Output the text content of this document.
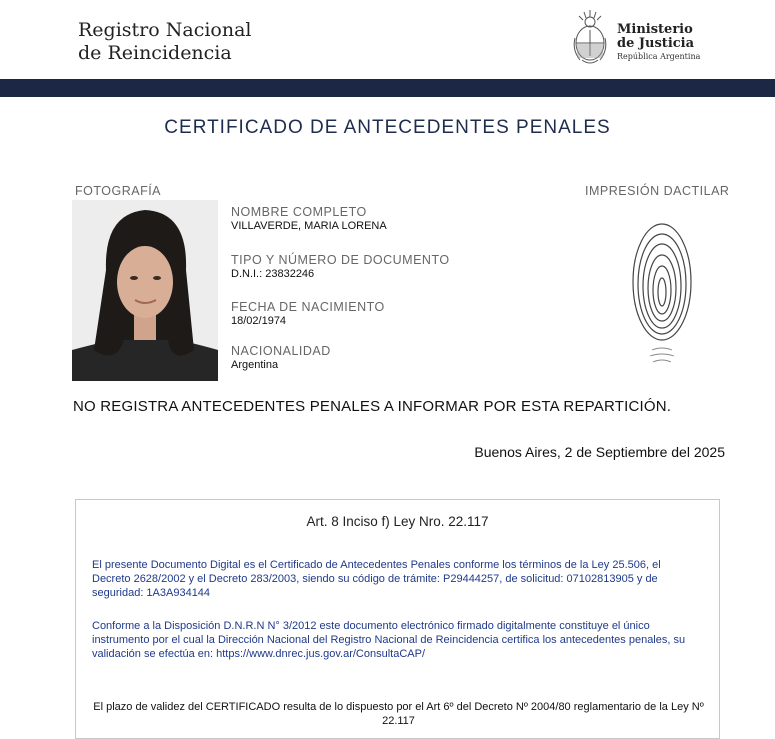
Registro Nacional
de Reincidencia
Ministerio
de Justicia
República Argentina
CERTIFICADO DE ANTECEDENTES PENALES
FOTOGRAFÍA	IMPRESIÓN DACTILAR
NOMBRE COMPLETO
VILLAVERDE, MARIA LORENA
TIPO Y NÚMERO DE DOCUMENTO
D.N.I.: 23832246
FECHA DE NACIMIENTO
18/02/1974
NACIONALIDAD
Argentina
NO REGISTRA ANTECEDENTES PENALES A INFORMAR POR ESTA REPARTICIÓN.
Buenos Aires, 2 de Septiembre del 2025
Art. 8 Inciso f) Ley Nro. 22.117
El presente Documento Digital es el Certificado de Antecedentes Penales conforme los términos de la Ley 25.506, el Decreto 2628/2002 y el Decreto 283/2003, siendo su código de trámite: P29444257, de solicitud: 07102813905 y de seguridad: 1A3A934144
Conforme a la Disposición D.N.R.N N° 3/2012 este documento electrónico firmado digitalmente constituye el único instrumento por el cual la Dirección Nacional del Registro Nacional de Reincidencia certifica los antecedentes penales, su validación se efectúa en: https://www.dnrec.jus.gov.ar/ConsultaCAP/
El plazo de validez del CERTIFICADO resulta de lo dispuesto por el Art 6º del Decreto Nº 2004/80 reglamentario de la Ley Nº 22.117
